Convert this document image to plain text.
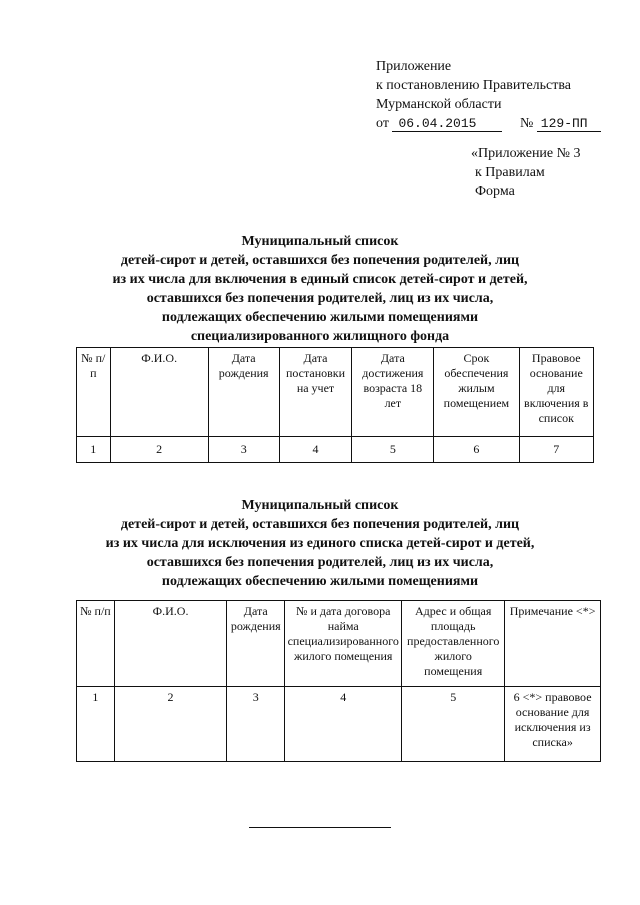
Приложение
к постановлению Правительства
Мурманской области
от 06.04.2015	№ 129-ПП
«Приложение № 3
к Правилам
Форма
Муниципальный список
детей-сирот и детей, оставшихся без попечения родителей, лиц
из их числа для включения в единый список детей-сирот и детей,
оставшихся без попечения родителей, лиц из их числа,
подлежащих обеспечению жилыми помещениями
специализированного жилищного фонда
№ п/п	Ф.И.О.	Дата рождения	Дата постановки на учет	Дата достижения возраста 18 лет	Срок обеспечения жилым помещением	Правовое основание для включения в список
1	2	3	4	5	6	7
Муниципальный список
детей-сирот и детей, оставшихся без попечения родителей, лиц
из их числа для исключения из единого списка детей-сирот и детей,
оставшихся без попечения родителей, лиц из их числа,
подлежащих обеспечению жилыми помещениями
№ п/п	Ф.И.О.	Дата рождения	№ и дата договора найма специализированного жилого помещения	Адрес и общая площадь предоставленного жилого помещения	Примечание <*>
1	2	3	4	5	6 <*> правовое основание для исключения из списка»
